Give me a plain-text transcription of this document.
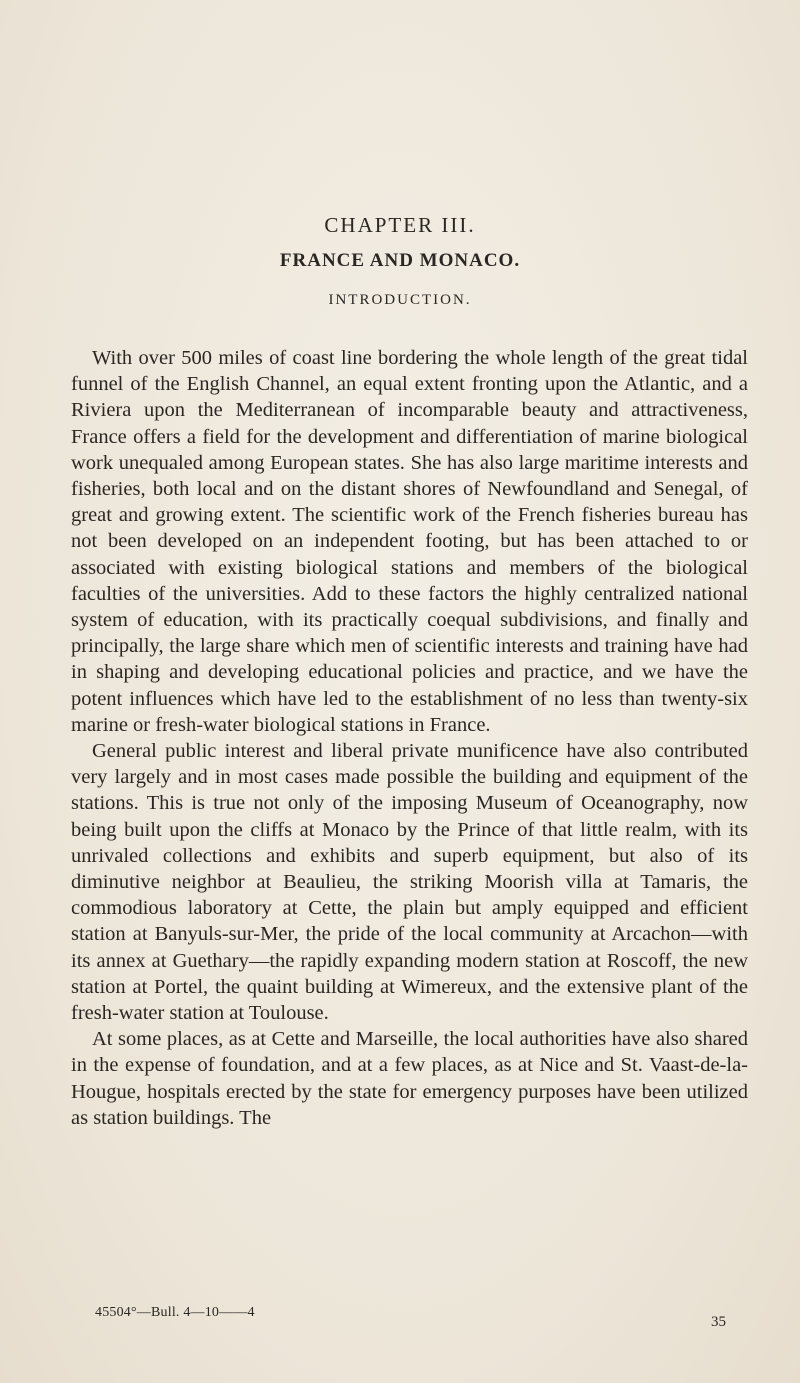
CHAPTER III.
FRANCE AND MONACO.
INTRODUCTION.

With over 500 miles of coast line bordering the whole length of the great tidal funnel of the English Channel, an equal extent fronting upon the Atlantic, and a Riviera upon the Mediterranean of incomparable beauty and attractiveness, France offers a field for the development and differentiation of marine biological work unequaled among European states. She has also large maritime interests and fisheries, both local and on the distant shores of Newfoundland and Senegal, of great and growing extent. The scientific work of the French fisheries bureau has not been developed on an independent footing, but has been attached to or associated with existing biological stations and members of the biological faculties of the universities. Add to these factors the highly centralized national system of education, with its practically coequal subdivisions, and finally and principally, the large share which men of scientific interests and training have had in shaping and developing educational policies and practice, and we have the potent influences which have led to the establishment of no less than twenty-six marine or fresh-water biological stations in France.

General public interest and liberal private munificence have also contributed very largely and in most cases made possible the building and equipment of the stations. This is true not only of the imposing Museum of Oceanography, now being built upon the cliffs at Monaco by the Prince of that little realm, with its unrivaled collections and exhibits and superb equipment, but also of its diminutive neighbor at Beaulieu, the striking Moorish villa at Tamaris, the commodious laboratory at Cette, the plain but amply equipped and efficient station at Banyuls-sur-Mer, the pride of the local community at Arcachon—with its annex at Guethary—the rapidly expanding modern station at Roscoff, the new station at Portel, the quaint building at Wimereux, and the extensive plant of the fresh-water station at Toulouse.

At some places, as at Cette and Marseille, the local authorities have also shared in the expense of foundation, and at a few places, as at Nice and St. Vaast-de-la-Hougue, hospitals erected by the state for emergency purposes have been utilized as station buildings. The

45504°—Bull. 4—10——4
35
